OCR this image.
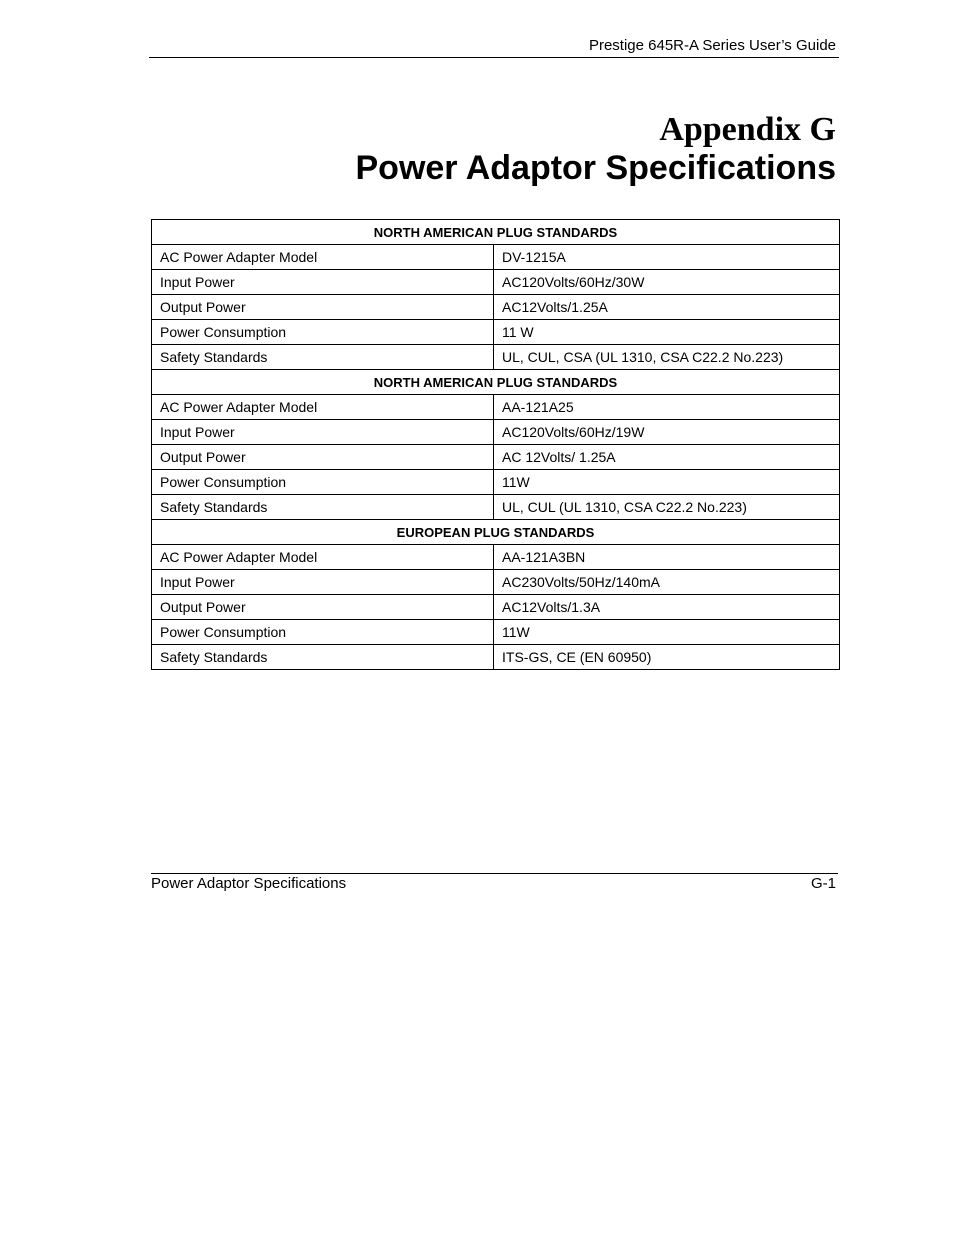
Prestige 645R-A Series User’s Guide
Appendix G
Power Adaptor Specifications
NORTH AMERICAN PLUG STANDARDS	
AC Power Adapter Model	DV-1215A
Input Power	AC120Volts/60Hz/30W
Output Power	AC12Volts/1.25A
Power Consumption	11 W
Safety Standards	UL, CUL, CSA (UL 1310, CSA C22.2 No.223)
NORTH AMERICAN PLUG STANDARDS	
AC Power Adapter Model	AA-121A25
Input Power	AC120Volts/60Hz/19W
Output Power	AC 12Volts/ 1.25A
Power Consumption	11W
Safety Standards	UL, CUL (UL 1310, CSA C22.2 No.223)
EUROPEAN PLUG STANDARDS	
AC Power Adapter Model	AA-121A3BN
Input Power	AC230Volts/50Hz/140mA
Output Power	AC12Volts/1.3A
Power Consumption	11W
Safety Standards	ITS-GS, CE (EN 60950)
Power Adaptor Specifications	G-1
